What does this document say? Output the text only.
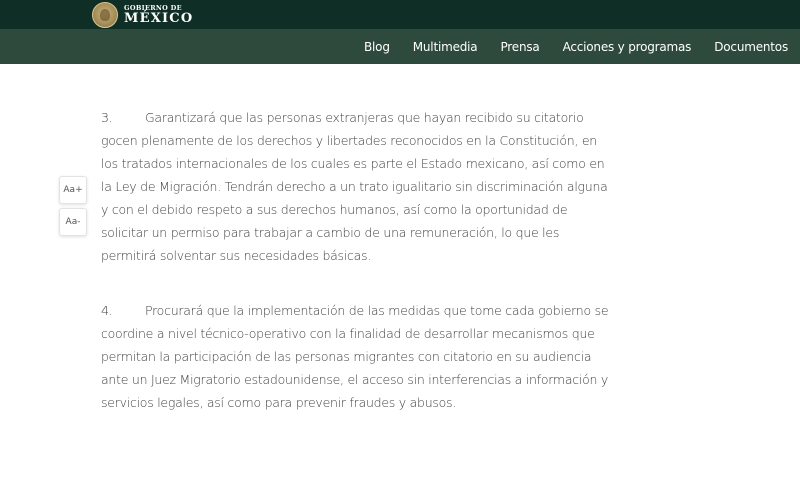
GOBIERNO DE
MÉXICO
Blog Multimedia Prensa Acciones y programas Documentos
Aa+
Aa-

3.	Garantizará que las personas extranjeras que hayan recibido su citatorio gocen plenamente de los derechos y libertades reconocidos en la Constitución, en los tratados internacionales de los cuales es parte el Estado mexicano, así como en la Ley de Migración. Tendrán derecho a un trato igualitario sin discriminación alguna y con el debido respeto a sus derechos humanos, así como la oportunidad de solicitar un permiso para trabajar a cambio de una remuneración, lo que les permitirá solventar sus necesidades básicas.

4.	Procurará que la implementación de las medidas que tome cada gobierno se coordine a nivel técnico-operativo con la finalidad de desarrollar mecanismos que permitan la participación de las personas migrantes con citatorio en su audiencia ante un Juez Migratorio estadounidense, el acceso sin interferencias a información y servicios legales, así como para prevenir fraudes y abusos.
